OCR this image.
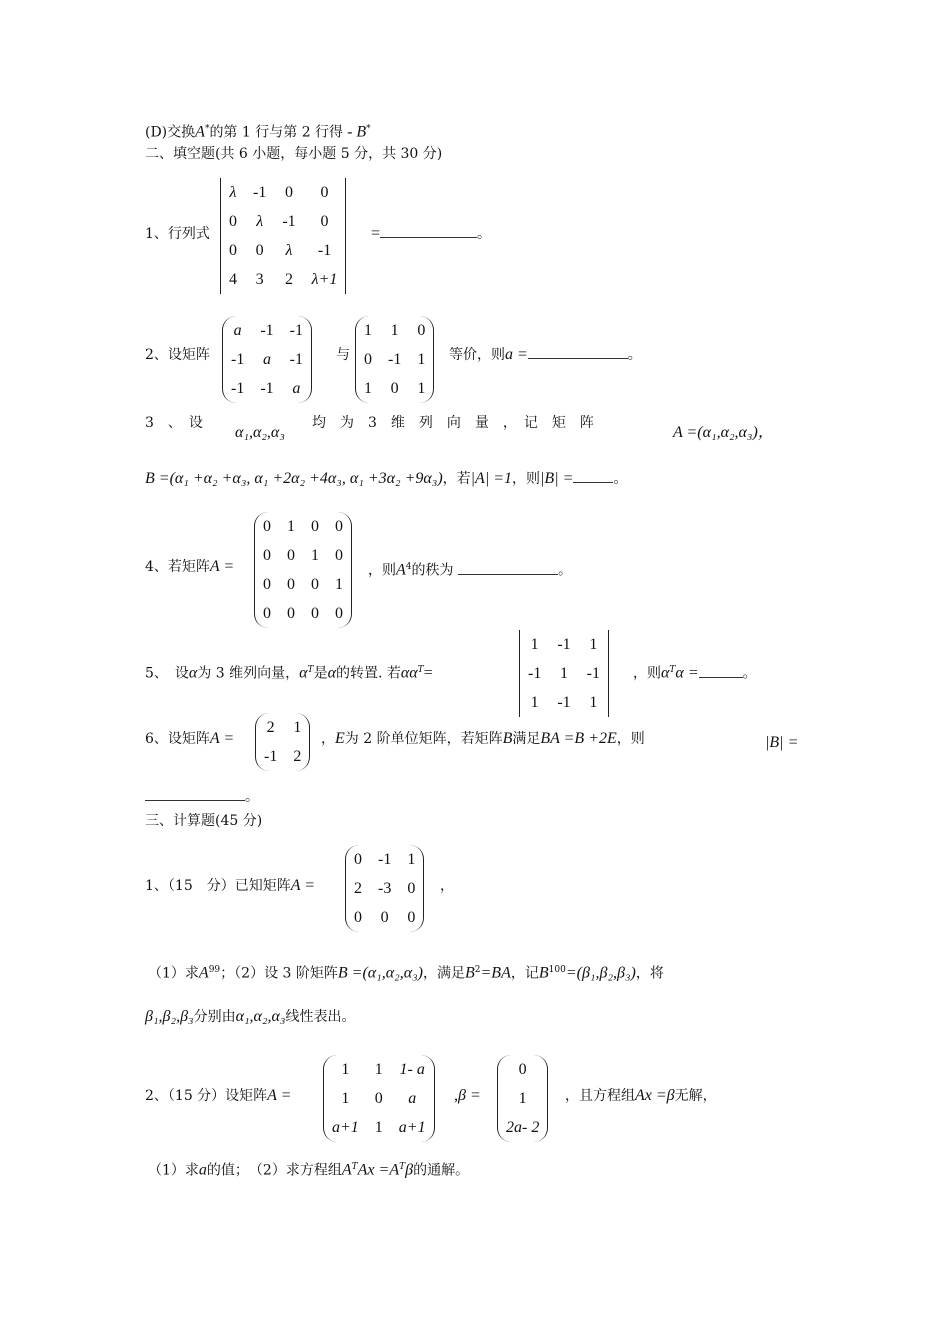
(D)交换A*的第 1 行与第 2 行得 - B*
二、填空题(共 6 小题，每小题 5 分，共 30 分)
1、行列式
λ	-1	0	0
0	λ	-1	0
0	0	λ	-1
4	3	2	λ+1
=	。
2、设矩阵
a	-1	-1
-1	a	-1
-1	-1	a
与
1	1	0
0	-1	1
1	0	1
等价，则a =	。
3　、　设
α₁,α₂,α₃
均　为　3　维　列　向　量　，　记　矩　阵
A =(α₁,α₂,α₃)，
B =(α₁ +α₂ +α₃, α₁ +2α₂ +4α₃, α₁ +3α₂ +9α₃)，若|A| =1，则|B| =	。
4、若矩阵A =
0	1	0	0
0	0	1	0
0	0	0	1
0	0	0	0
，则$A^4$的秩为	。
5、　设α为 3 维列向量，$\alpha^T$是α的转置. 若$\alpha\alpha^T=$
1	-1	1
-1	1	-1
1	-1	1
，则$\alpha^T\alpha$ =	。
6、设矩阵A =
2	1
-1	2
，E为 2 阶单位矩阵，若矩阵B满足BA =B +2E，则	|B| =
。
三、计算题(45 分)
1、（15　分）已知矩阵A =
0	-1	1
2	-3	0
0	0	0
，
（1）求$A^{99}$；（2）设 3 阶矩阵B =(α₁,α₂,α₃)，满足$B^2=BA$，记$B^{100}=(\beta_1,\beta_2,\beta_3)$，将
β₁,β₂,β₃分别由α₁,α₂,α₃线性表出。
2、（15 分）设矩阵A =
1	1	1- a
1	0	a
a+1	1	a+1
,β =
0
1
2a- 2
，且方程组Ax =β无解，
（1）求a的值；　（2）求方程组$A^TAx =A^T\beta$的通解。
